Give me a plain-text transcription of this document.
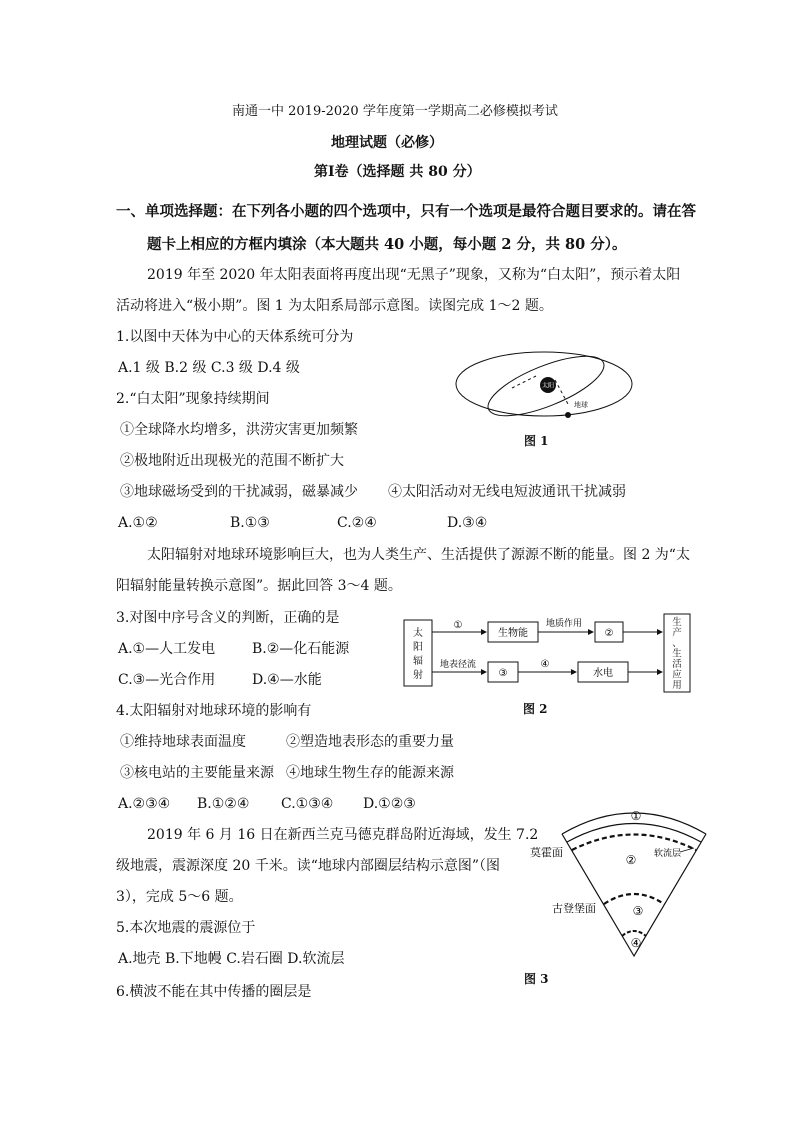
南通一中 2019-2020 学年度第一学期高二必修模拟考试
地理试题（必修）
第Ⅰ卷（选择题 共 80 分）
一、单项选择题：在下列各小题的四个选项中，只有一个选项是最符合题目要求的。请在答
题卡上相应的方框内填涂（本大题共 40 小题，每小题 2 分，共 80 分）。
2019 年至 2020 年太阳表面将再度出现“无黑子”现象，又称为“白太阳”，预示着太阳
活动将进入“极小期”。图 1 为太阳系局部示意图。读图完成 1～2 题。
1.以图中天体为中心的天体系统可分为
A.1 级 B.2 级 C.3 级 D.4 级
2.“白太阳”现象持续期间
①全球降水均增多，洪涝灾害更加频繁
②极地附近出现极光的范围不断扩大
③地球磁场受到的干扰减弱，磁暴减少 ④太阳活动对无线电短波通讯干扰减弱
A.①②	B.①③	C.②④	D.③④
太阳
地球
图 1
太阳辐射对地球环境影响巨大，也为人类生产、生活提供了源源不断的能量。图 2 为“太
阳辐射能量转换示意图”。据此回答 3～4 题。
3.对图中序号含义的判断，正确的是
A.①—人工发电	B.②—化石能源
C.③—光合作用	D.④—水能
太
阳
辐
射
①
生物能
地质作用
②
地表径流
③
④
水电
生
产
、
生
活
应
用
图 2
4.太阳辐射对地球环境的影响有
①维持地球表面温度	②塑造地表形态的重要力量
③核电站的主要能量来源 ④地球生物生存的能源来源
A.②③④ B.①②④ C.①③④ D.①②③
2019 年 6 月 16 日在新西兰克马德克群岛附近海域，发生 7.2
级地震，震源深度 20 千米。读“地球内部圈层结构示意图”（图
3），完成 5～6 题。
5.本次地震的震源位于
A.地壳 B.下地幔 C.岩石圈 D.软流层
6.横波不能在其中传播的圈层是
①
②
③
④
莫霍面	软流层
古登堡面
图 3
